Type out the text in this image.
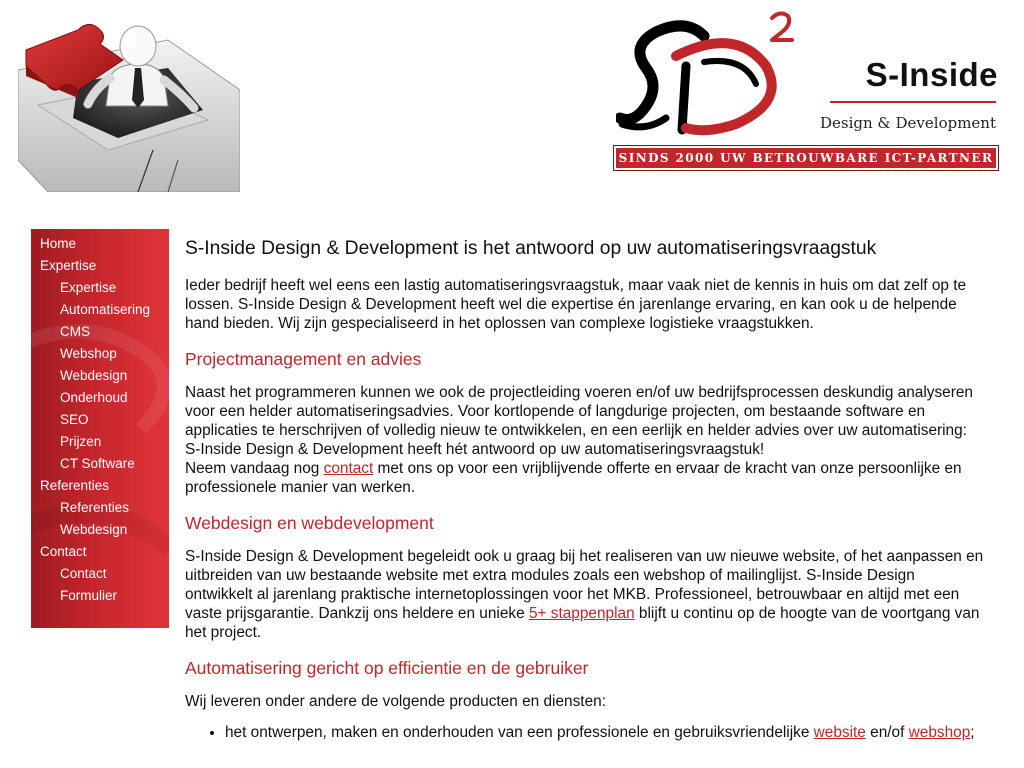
S-Inside
Design & Development
SINDS 2000 UW BETROUWBARE ICT-PARTNER
Home
Expertise
Expertise
Automatisering
CMS
Webshop
Webdesign
Onderhoud
SEO
Prijzen
CT Software
Referenties
Referenties
Webdesign
Contact
Contact
Formulier
S-Inside Design & Development is het antwoord op uw automatiseringsvraagstuk

Ieder bedrijf heeft wel eens een lastig automatiseringsvraagstuk, maar vaak niet de kennis in huis om dat zelf op te lossen. S-Inside Design & Development heeft wel die expertise én jarenlange ervaring, en kan ook u de helpende hand bieden. Wij zijn gespecialiseerd in het oplossen van complexe logistieke vraagstukken.

Projectmanagement en advies

Naast het programmeren kunnen we ook de projectleiding voeren en/of uw bedrijfsprocessen deskundig analyseren voor een helder automatiseringsadvies. Voor kortlopende of langdurige projecten, om bestaande software en applicaties te herschrijven of volledig nieuw te ontwikkelen, en een eerlijk en helder advies over uw automatisering: S-Inside Design & Development heeft hét antwoord op uw automatiseringsvraagstuk!

Neem vandaag nog contact met ons op voor een vrijblijvende offerte en ervaar de kracht van onze persoonlijke en professionele manier van werken.

Webdesign en webdevelopment

S-Inside Design & Development begeleidt ook u graag bij het realiseren van uw nieuwe website, of het aanpassen en uitbreiden van uw bestaande website met extra modules zoals een webshop of mailinglijst. S-Inside Design ontwikkelt al jarenlang praktische internetoplossingen voor het MKB. Professioneel, betrouwbaar en altijd met een vaste prijsgarantie. Dankzij ons heldere en unieke 5+ stappenplan blijft u continu op de hoogte van de voortgang van het project.

Automatisering gericht op efficientie en de gebruiker

Wij leveren onder andere de volgende producten en diensten:

• het ontwerpen, maken en onderhouden van een professionele en gebruiksvriendelijke website en/of webshop;
